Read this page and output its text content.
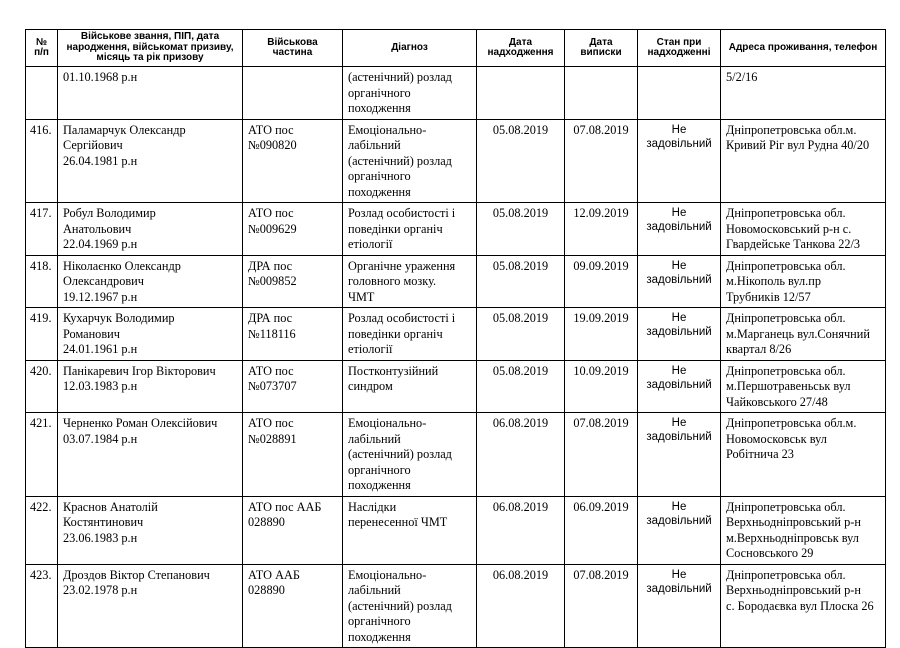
№
п/п	Військове звання, ПІП, дата
народження, військомат призиву,
місяць та рік призову	Військова
частина	Діагноз	Дата
надходження	Дата
виписки	Стан при
надходженні	Адреса проживання, телефон

	01.10.1968 р.н		(астенічний) розлад
органічного
походження				5/2/16

416.	Паламарчук Олександр
Сергійович
26.04.1981 р.н	АТО пос
№090820	Емоціонально-
лабільний
(астенічний) розлад
органічного
походження	05.08.2019	07.08.2019	Не
задовільний	Дніпропетровська обл.м.
Кривий Ріг вул Рудна 40/20

417.	Робул Володимир
Анатольович
22.04.1969 р.н	АТО пос
№009629	Розлад особистості і
поведінки органіч
етіології	05.08.2019	12.09.2019	Не
задовільний	Дніпропетровська обл.
Новомосковський р-н с.
Гвардейське Танкова 22/3

418.	Ніколаєнко Олександр
Олександрович
19.12.1967 р.н	ДРА пос
№009852	Органічне ураження
головного мозку.
ЧМТ	05.08.2019	09.09.2019	Не
задовільний	Дніпропетровська обл.
м.Нікополь вул.пр
Трубників 12/57

419.	Кухарчук Володимир
Романович
24.01.1961 р.н	ДРА пос
№118116	Розлад особистості і
поведінки органіч
етіології	05.08.2019	19.09.2019	Не
задовільний	Дніпропетровська обл.
м.Марганець вул.Сонячний
квартал 8/26

420.	Панікаревич Ігор Вікторович
12.03.1983 р.н	АТО пос
№073707	Постконтузійний
синдром	05.08.2019	10.09.2019	Не
задовільний	Дніпропетровська обл.
м.Першотравеньськ вул
Чайковського 27/48

421.	Черненко Роман Олексійович
03.07.1984 р.н	АТО пос
№028891	Емоціонально-
лабільний
(астенічний) розлад
органічного
походження	06.08.2019	07.08.2019	Не
задовільний	Дніпропетровська обл.м.
Новомосковськ вул
Робітнича 23

422.	Краснов Анатолій
Костянтинович
23.06.1983 р.н	АТО пос ААБ
028890	Наслідки
перенесенної ЧМТ	06.08.2019	06.09.2019	Не
задовільний	Дніпропетровська обл.
Верхньодніпровський р-н
м.Верхньодніпровськ вул
Сосновського 29

423.	Дроздов Віктор Степанович
23.02.1978 р.н	АТО ААБ
028890	Емоціонально-
лабільний
(астенічний) розлад
органічного
походження	06.08.2019	07.08.2019	Не
задовільний	Дніпропетровська обл.
Верхньодніпровський р-н
с. Бородаєвка вул Плоска 26
